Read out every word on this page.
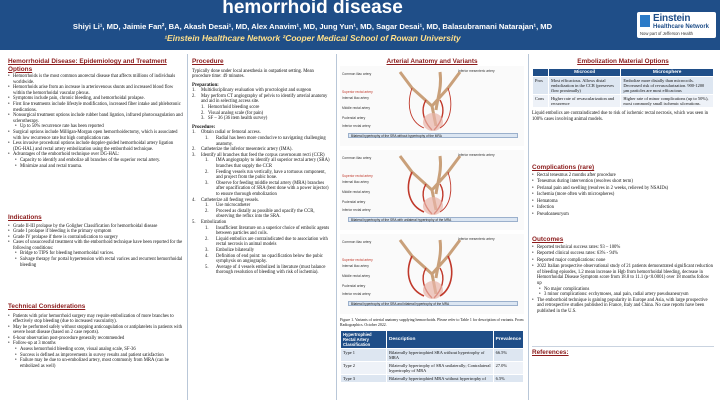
hemorrhoid disease
Shiyi Li¹, MD, Jaimie Fan², BA, Akash Desai¹, MD, Alex Anavim¹, MD, Jung Yun¹, MD, Sagar Desai¹, MD, Balasubramani Natarajan¹, MD
¹Einstein Healthcare Network ²Cooper Medical School of Rowan University
Einstein
Healthcare Network
Now part of Jefferson Health
Hemorrhoidal Disease: Epidemiology and Treatment Options
• Hemorrhoids is the most common anorectal disease that affects millions of individuals worldwide.
• Hemorrhoids arise from an increase in arteriovenous shunts and increased blood flow within the hemorrhoidal vascular plexus.
• Symptoms include pain, chronic bleeding, and hemorrhoidal prolapse.
• First line treatments include lifestyle modification, increased fiber intake and phlebotonic medications.
• Nonsurgical treatment options include rubber band ligation, infrared photocoagulation and sclerotherapy.
• Up to 50% recurrence rate has been reported
• Surgical options include Milligan-Morgan open hemorrhoidectomy, which is associated with low recurrence rate but high complication rate.
• Less invasive procedural options include doppler-guided hemorrhoidal artery ligation (DG-HAL) and rectal artery embolization using the emborrhoid technique.
• Advantages of the emborrhoid technique over DG-HAL:
• Capacity to identify and embolize all branches of the superior rectal artery.
• Minimize anal and rectal trauma.
Indications
• Grade II-III prolapse by the Goligher Classification for hemorrhoidal disease
• Grade I prolapse if bleeding is the primary symptom
• Grade IV prolapse if there is contraindication to surgery
• Cases of unsuccessful treatment with the emborrhoid technique have been reported for the following conditions:
• Bridge to TIPS for bleeding hemorrhoidal varices.
• Salvage therapy for portal hypertension with rectal varices and recurrent hemorrhoidal bleeding
Technical Considerations
• Patients with prior hemorrhoid surgery may require embolization of more branches to effectively stop bleeding (due to increased vascularity).
• May be performed safely without stopping anticoagulation or antiplatelets in patients with severe heart disease (based on 2 case reports).
• 6-hour observation post-procedure generally recommended
• Follow-up at 3 months
• Assess hemorrhoid bleeding score, visual analog scale, SF-36
• Success is defined as improvements in survey results and patient satisfaction
• Failure may be due to un-embolized artery, most commonly from MRA (can be embolized as well)
Procedure
Typically done under local anesthesia in outpatient setting. Mean procedure time: 49 minutes.
Preparation:
1. Multidisciplinary evaluation with proctologist and surgeon
2. May perform CT angiography of pelvis to identify arterial anatomy and aid in selecting access site.
1. Hemorrhoid bleeding score
2. Visual analog scale (for pain)
3. SF – 36 (36 item health survey)
Procedure:
1. Obtain radial or femoral access.
1. Radial has been more conducive to navigating challenging anatomy.
2. Catheterize the inferior mesenteric artery (IMA).
3. Identify all branches that feed the corpus cavernosum recti (CCR)
1. IMA angiography to identify all superior rectal artery (SRA) branches that supply the CCR
2. Feeding vessels run vertically, have a tortuous component, and project from the pubic bone.
3. Observe for feeding middle rectal artery (MRA) branches after opacification of SRA (best done with a power injector) to ensure thorough embolization
4. Catheterize all feeding vessels.
1. Use microcatheter
2. Proceed as distally as possible and opacify the CCR, observing the reflux into the SRA.
5. Embolization
1. Insufficient literature on a superior choice of embolic agents between particles and coils.
2. Liquid embolics are contraindicated due to association with rectal necrosis in animal models
3. Embolize bilaterally
4. Definition of end point: no opacification below the pubic symphysis on angiography.
5. Average of 4 vessels embolized in literature (must balance thorough resolution of bleeding with risk of ischemia).
Arterial Anatomy and Variants
Common iliac artery
Inferior mesenteric artery
Superior rectal artery
Internal iliac artery
Middle rectal artery
Pudendal artery
Inferior rectal artery
Bilateral hypertrophy of the SRA without hypertrophy of the MRA
Common iliac artery
Inferior mesenteric artery
Superior rectal artery
Internal iliac artery
Middle rectal artery
Pudendal artery
Inferior rectal artery
Bilateral hypertrophy of the SRA with unilateral hypertrophy of the MRA
Common iliac artery
Inferior mesenteric artery
Superior rectal artery
Internal iliac artery
Middle rectal artery
Pudendal artery
Inferior rectal artery
Bilateral hypertrophy of the SRA and bilateral hypertrophy of the MRA
Figure 1. Variants of arterial anatomy supplying hemorrhoids. Please refer to Table 1 for description of variants. From Radiographics. October 2022.
Hypertrophied Rectal Artery Classification	Description	Prevalence
Type 1	Bilaterally hypertrophied SRA without hypertrophy of MRA	66.5%
Type 2	Bilaterally hypertrophy of SRA unilaterally; Contralateral hypertrophy of MRA	27.0%
Type 3	Bilaterally hypertrophied MRA without hypertrophy of	6.5%
Embolization Material Options
	Microcoil	Microsphere
Pros	Most efficacious. Allows distal embolization in the CCR (preserves flow proximally)	Embolize more distally than microcoils. Decreased risk of revascularization. 900-1200 µm particles are most efficacious
Cons	Higher rate of revascularization and recurrence	Higher rate of minor complications (up to 50%), most commonly small ischemic ulcerations.
Liquid embolics are contraindicated due to risk of ischemic rectal necrosis, which was seen in 100% cases involving animal models.
Complications (rare)
• Rectal tenesmus 2 months after procedure
• Tenesmus during intervention (resolves short term)
• Perianal pain and swelling (resolves in 2 weeks, relieved by NSAIDs)
• Ischemia (more often with microspheres)
• Hematoma
• Infection
• Pseudoaneurysm
Outcomes
• Reported technical success rates: 93 – 100%
• Reported clinical success rates: 63% - 94%
• Reported major complications: none
• 2022 Italian prospective observational study of 21 patients demonstrated significant reduction of bleeding episodes, 1.2 mean increase in Hgb from hemorrhoidal bleeding, decrease in Hemorrhoidal Disease Symptom score from 18.8 to 11.1 (p<0.0001) over 18 months follow up
• No major complications
• 3 minor complications: ecchymoses, anal pain, radial artery pseudoaneurysm
• The emborrhoid technique is gaining popularity in Europe and Asia, with large prospective and retrospective studies published in France, Italy and China. No case reports have been published in the U.S.
References:
